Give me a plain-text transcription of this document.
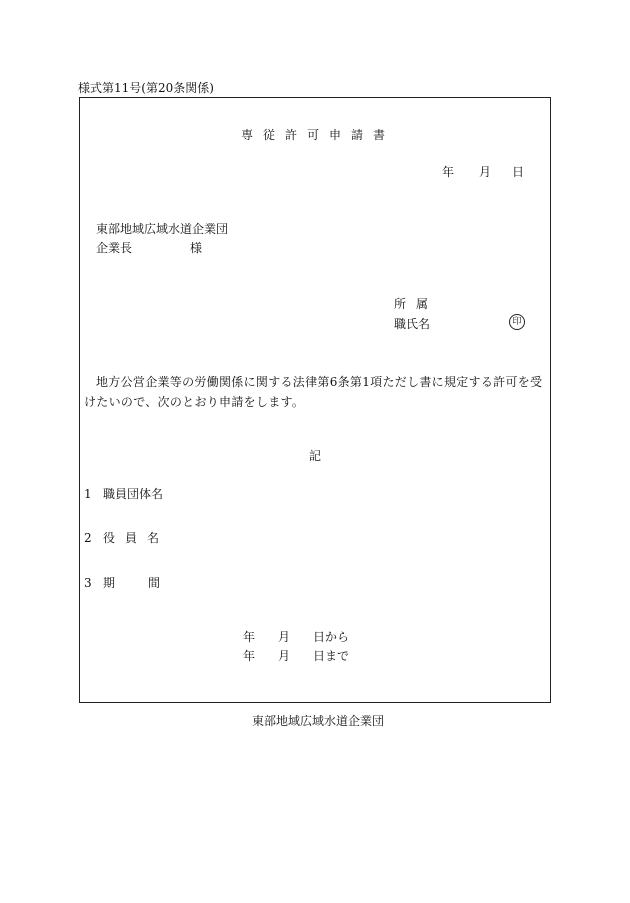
様式第11号(第20条関係)
専従許可申請書
年 月 日
東部地域広域水道企業団
企業長	様
所属
職氏名	印
地方公営企業等の労働関係に関する法律第6条第1項ただし書に規定する許可を受けたいので、次のとおり申請をします。
記
1 職員団体名
2 役員名
3 期間
年 月 日から
年 月 日まで
東部地域広域水道企業団
